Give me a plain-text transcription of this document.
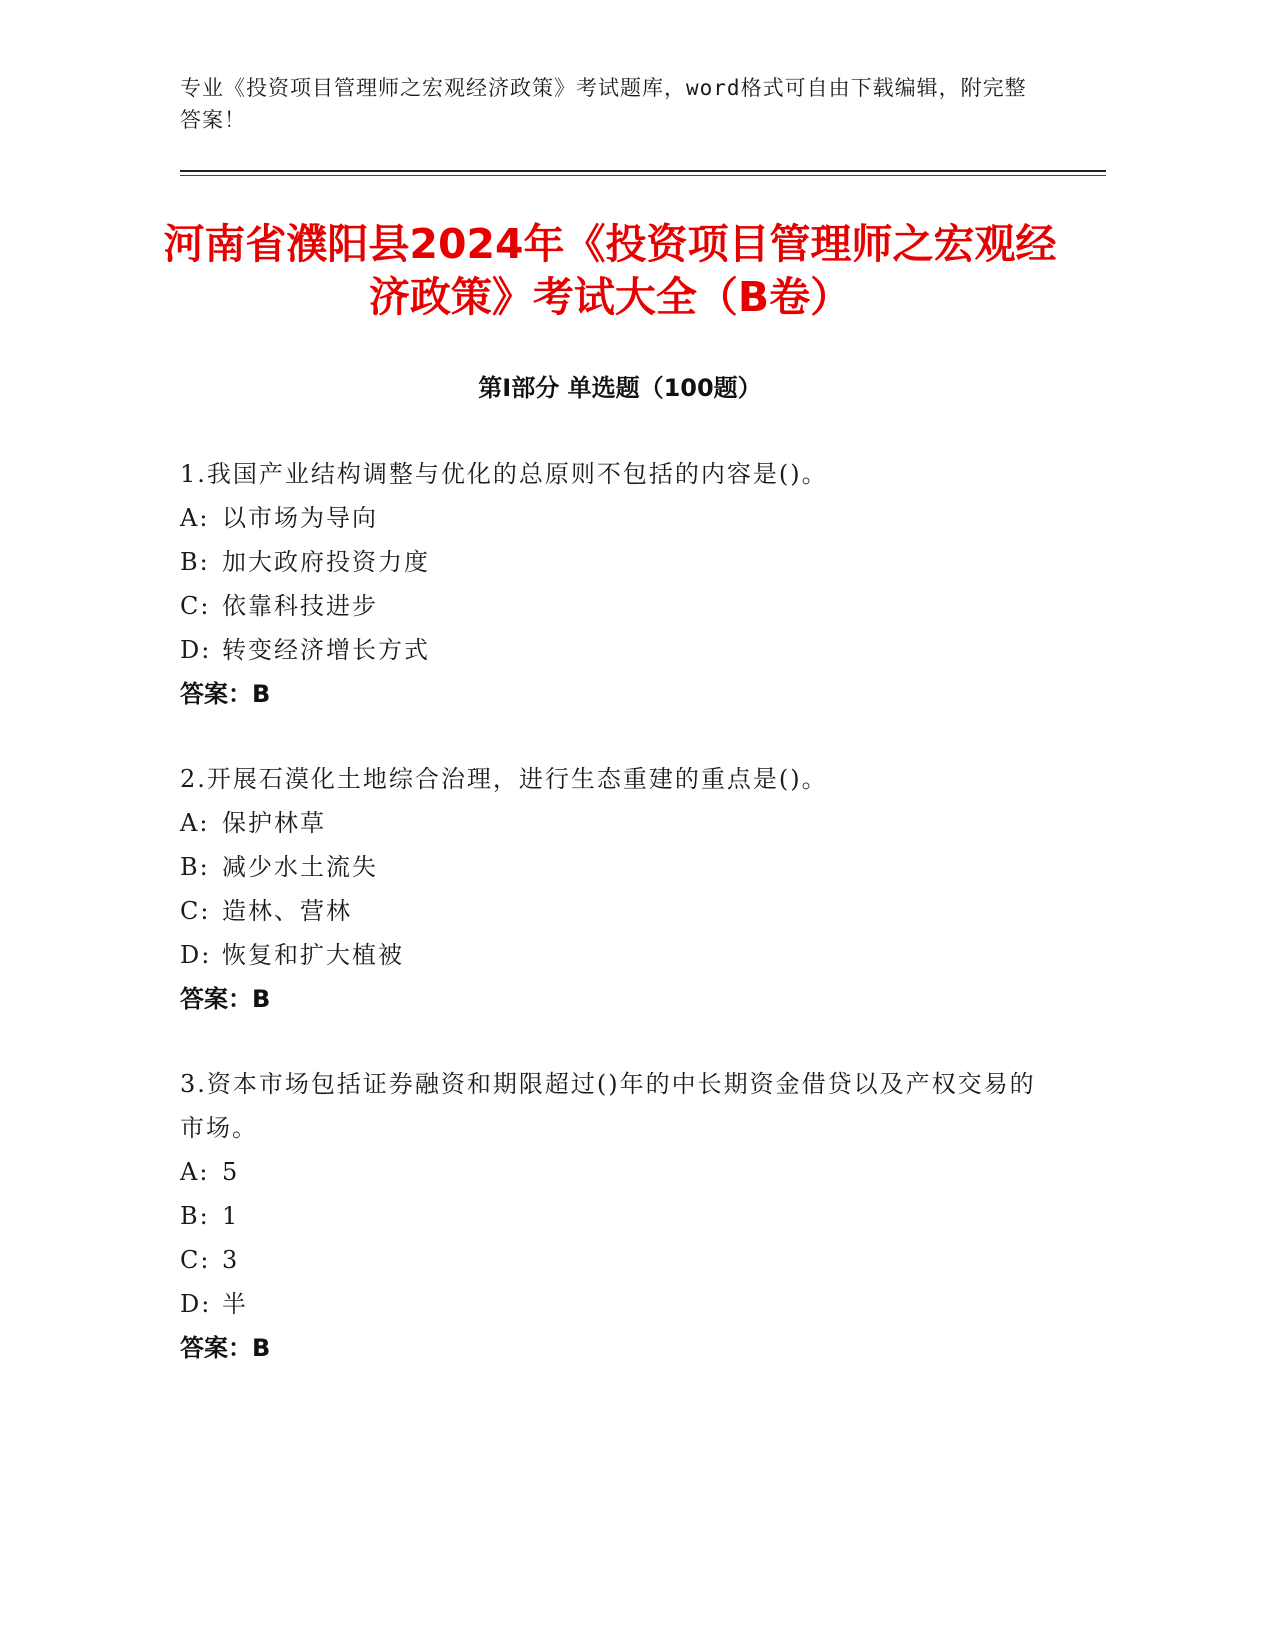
专业《投资项目管理师之宏观经济政策》考试题库，word格式可自由下载编辑，附完整答案！

河南省濮阳县2024年《投资项目管理师之宏观经济政策》考试大全（B卷）
第Ⅰ部分 单选题（100题）

1.我国产业结构调整与优化的总原则不包括的内容是()。

A: 以市场为导向

B: 加大政府投资力度

C: 依靠科技进步

D: 转变经济增长方式

答案：B

2.开展石漠化土地综合治理，进行生态重建的重点是()。

A: 保护林草

B: 减少水土流失

C: 造林、营林

D: 恢复和扩大植被

答案：B

3.资本市场包括证券融资和期限超过()年的中长期资金借贷以及产权交易的市场。

A: 5

B: 1

C: 3

D: 半

答案：B
